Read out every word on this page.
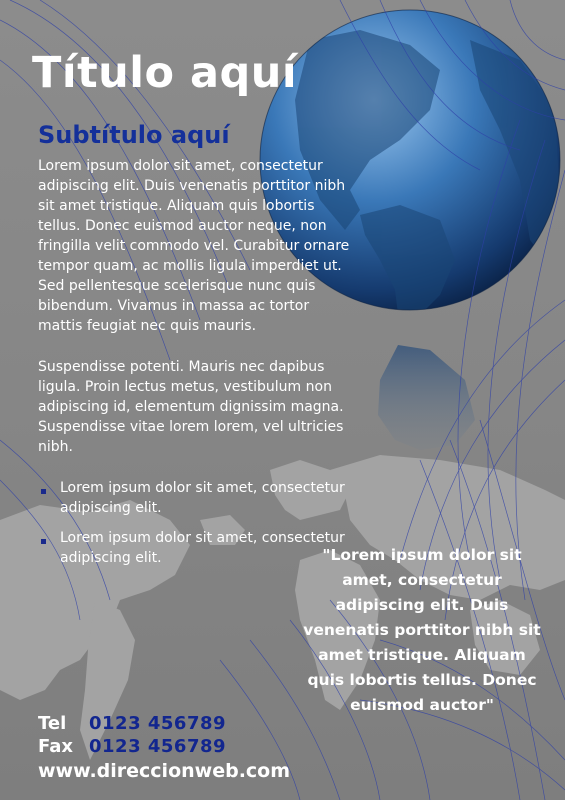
Título aquí
Subtítulo aquí

Lorem ipsum dolor sit amet, consectetur adipiscing elit. Duis venenatis porttitor nibh sit amet tristique. Aliquam quis lobortis tellus. Donec euismod auctor neque, non fringilla velit commodo vel. Curabitur ornare tempor quam, ac mollis ligula imperdiet ut. Sed pellentesque scelerisque nunc quis bibendum. Vivamus in massa ac tortor mattis feugiat nec quis mauris.

Suspendisse potenti. Mauris nec dapibus ligula. Proin lectus metus, vestibulum non adipiscing id, elementum dignissim magna. Suspendisse vitae lorem lorem, vel ultricies nibh.

Lorem ipsum dolor sit amet, consectetur adipiscing elit.
Lorem ipsum dolor sit amet, consectetur adipiscing elit.	"Lorem ipsum dolor sit amet, consectetur adipiscing elit. Duis venenatis porttitor nibh sit amet tristique. Aliquam quis lobortis tellus. Donec euismod auctor"
Tel 0123 456789
Fax 0123 456789
www.direccionweb.com
